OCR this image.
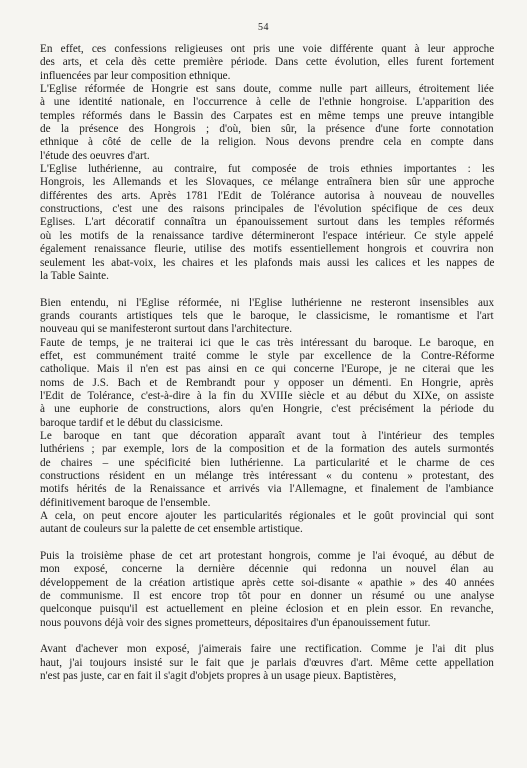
54
En effet, ces confessions religieuses ont pris une voie différente quant à leur approche
des arts, et cela dès cette première période. Dans cette évolution, elles furent fortement
influencées par leur composition ethnique.
L'Eglise réformée de Hongrie est sans doute, comme nulle part ailleurs, étroitement liée
à une identité nationale, en l'occurrence à celle de l'ethnie hongroise. L'apparition des
temples réformés dans le Bassin des Carpates est en même temps une preuve intangible
de la présence des Hongrois ; d'où, bien sûr, la présence d'une forte connotation
ethnique à côté de celle de la religion. Nous devons prendre cela en compte dans
l'étude des oeuvres d'art.
L'Eglise luthérienne, au contraire, fut composée de trois ethnies importantes : les
Hongrois, les Allemands et les Slovaques, ce mélange entraînera bien sûr une approche
différentes des arts. Après 1781 l'Edit de Tolérance autorisa à nouveau de nouvelles
constructions, c'est une des raisons principales de l'évolution spécifique de ces deux
Eglises. L'art décoratif connaîtra un épanouissement surtout dans les temples réformés
où les motifs de la renaissance tardive détermineront l'espace intérieur. Ce style appelé
également renaissance fleurie, utilise des motifs essentiellement hongrois et couvrira non
seulement les abat-voix, les chaires et les plafonds mais aussi les calices et les nappes de
la Table Sainte.
Bien entendu, ni l'Eglise réformée, ni l'Eglise luthérienne ne resteront insensibles aux
grands courants artistiques tels que le baroque, le classicisme, le romantisme et l'art
nouveau qui se manifesteront surtout dans l'architecture.
Faute de temps, je ne traiterai ici que le cas très intéressant du baroque. Le baroque, en
effet, est communément traité comme le style par excellence de la Contre-Réforme
catholique. Mais il n'en est pas ainsi en ce qui concerne l'Europe, je ne citerai que les
noms de J.S. Bach et de Rembrandt pour y opposer un démenti. En Hongrie, après
l'Edit de Tolérance, c'est-à-dire à la fin du XVIIIe siècle et au début du XIXe, on assiste
à une euphorie de constructions, alors qu'en Hongrie, c'est précisément la période du
baroque tardif et le début du classicisme.
Le baroque en tant que décoration apparaît avant tout à l'intérieur des temples
luthériens ; par exemple, lors de la composition et de la formation des autels surmontés
de chaires – une spécificité bien luthérienne. La particularité et le charme de ces
constructions résident en un mélange très intéressant « du contenu » protestant, des
motifs hérités de la Renaissance et arrivés via l'Allemagne, et finalement de l'ambiance
définitivement baroque de l'ensemble.
A cela, on peut encore ajouter les particularités régionales et le goût provincial qui sont
autant de couleurs sur la palette de cet ensemble artistique.
Puis la troisième phase de cet art protestant hongrois, comme je l'ai évoqué, au début de
mon exposé, concerne la dernière décennie qui redonna un nouvel élan au
développement de la création artistique après cette soi-disante « apathie » des 40 années
de communisme. Il est encore trop tôt pour en donner un résumé ou une analyse
quelconque puisqu'il est actuellement en pleine éclosion et en plein essor. En revanche,
nous pouvons déjà voir des signes prometteurs, dépositaires d'un épanouissement futur.
Avant d'achever mon exposé, j'aimerais faire une rectification. Comme je l'ai dit plus
haut, j'ai toujours insisté sur le fait que je parlais d'œuvres d'art. Même cette appellation
n'est pas juste, car en fait il s'agit d'objets propres à un usage pieux. Baptistères,
